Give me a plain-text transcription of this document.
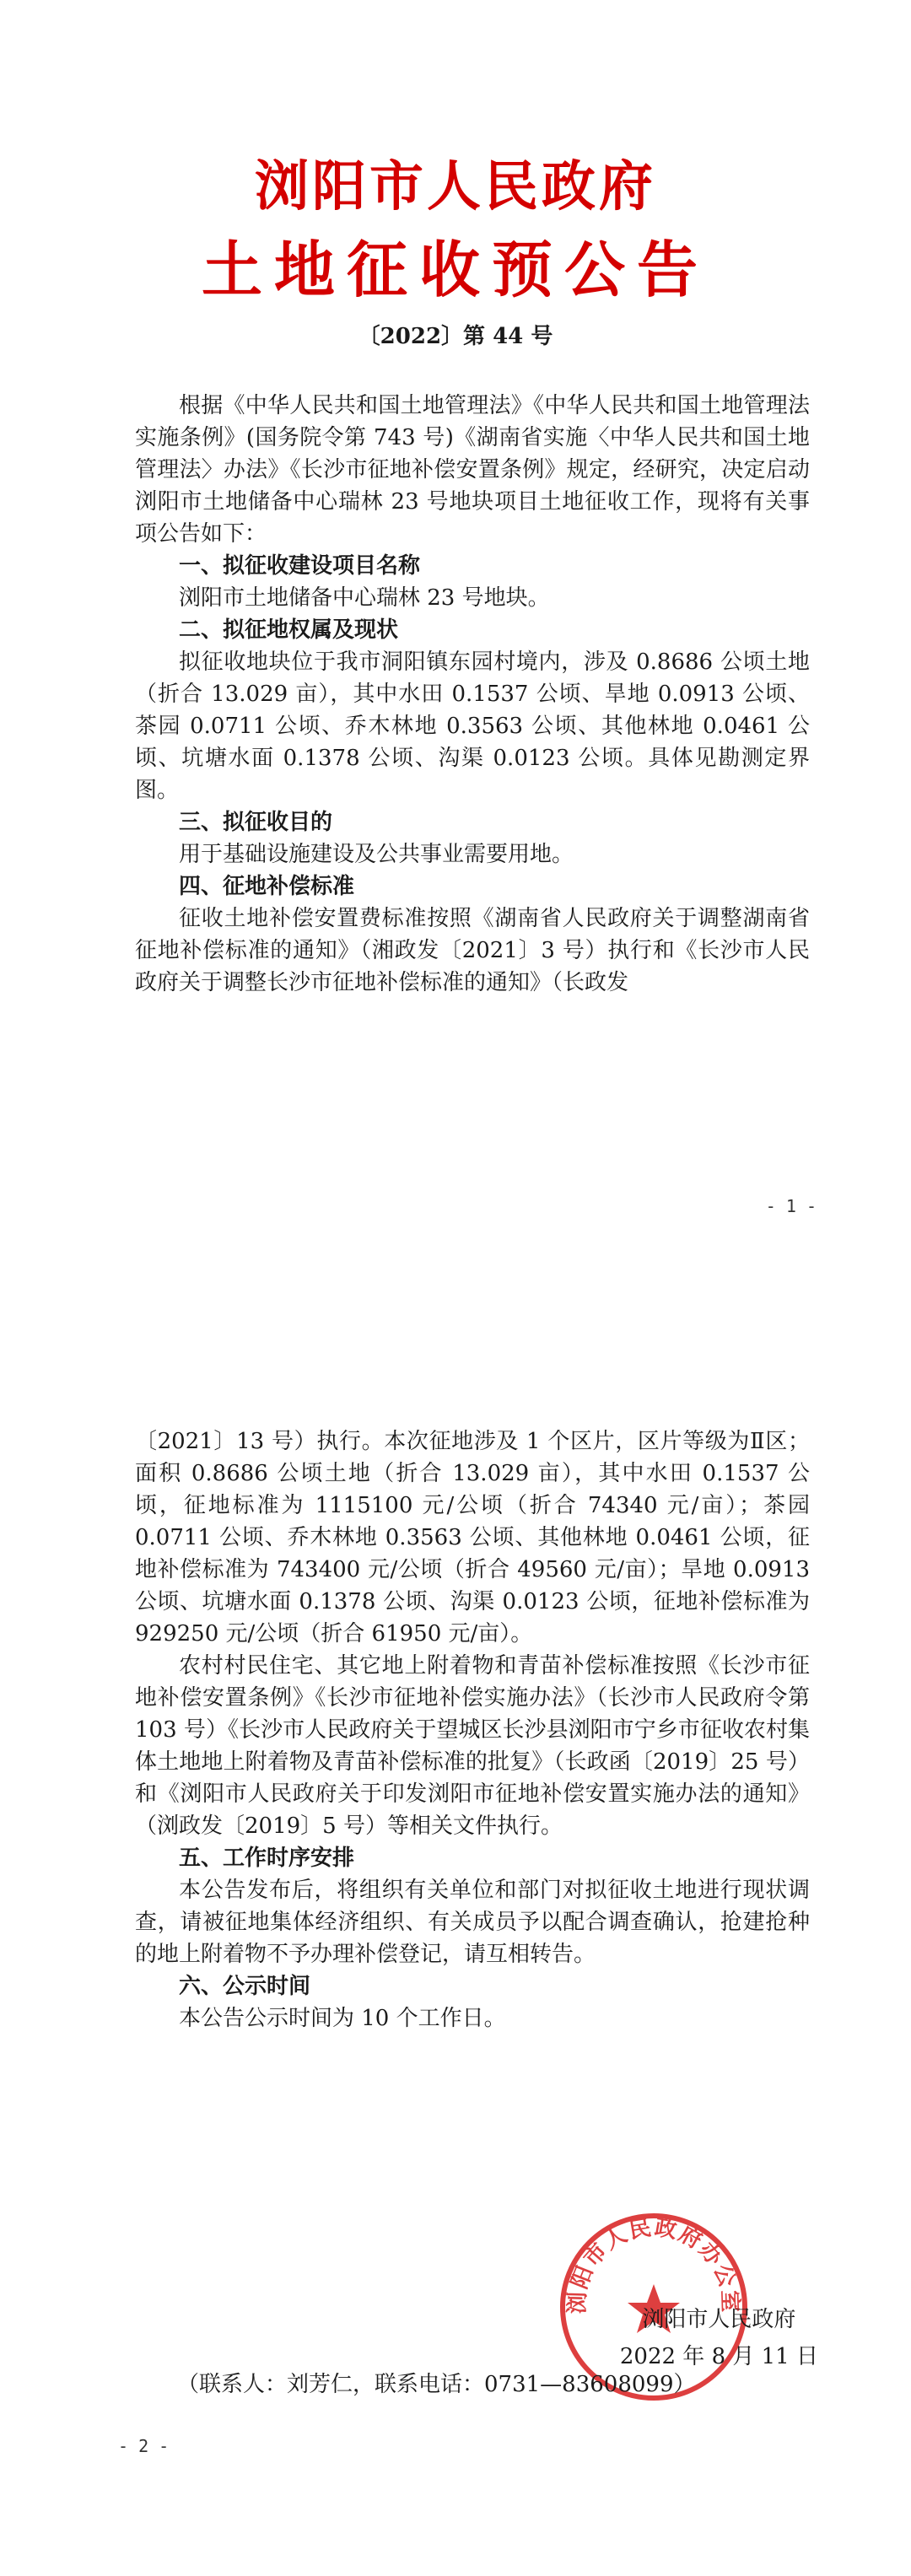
浏阳市人民政府
土地征收预公告
〔2022〕第 44 号

根据《中华人民共和国土地管理法》《中华人民共和国土地管理法实施条例》(国务院令第 743 号)《湖南省实施〈中华人民共和国土地管理法〉办法》《长沙市征地补偿安置条例》规定，经研究，决定启动浏阳市土地储备中心瑞林 23 号地块项目土地征收工作，现将有关事项公告如下：

一、拟征收建设项目名称

浏阳市土地储备中心瑞林 23 号地块。

二、拟征地权属及现状

拟征收地块位于我市洞阳镇东园村境内，涉及 0.8686 公顷土地（折合 13.029 亩），其中水田 0.1537 公顷、旱地 0.0913 公顷、茶园 0.0711 公顷、乔木林地 0.3563 公顷、其他林地 0.0461 公顷、坑塘水面 0.1378 公顷、沟渠 0.0123 公顷。具体见勘测定界图。

三、拟征收目的

用于基础设施建设及公共事业需要用地。

四、征地补偿标准

征收土地补偿安置费标准按照《湖南省人民政府关于调整湖南省征地补偿标准的通知》（湘政发〔2021〕3 号）执行和《长沙市人民政府关于调整长沙市征地补偿标准的通知》（长政发

- 1 -

〔2021〕13 号）执行。本次征地涉及 1 个区片，区片等级为Ⅱ区；面积 0.8686 公顷土地（折合 13.029 亩），其中水田 0.1537 公顷，征地标准为 1115100 元/公顷（折合 74340 元/亩）；茶园 0.0711 公顷、乔木林地 0.3563 公顷、其他林地 0.0461 公顷，征地补偿标准为 743400 元/公顷（折合 49560 元/亩）；旱地 0.0913 公顷、坑塘水面 0.1378 公顷、沟渠 0.0123 公顷，征地补偿标准为 929250 元/公顷（折合 61950 元/亩）。

农村村民住宅、其它地上附着物和青苗补偿标准按照《长沙市征地补偿安置条例》《长沙市征地补偿实施办法》（长沙市人民政府令第 103 号）《长沙市人民政府关于望城区长沙县浏阳市宁乡市征收农村集体土地地上附着物及青苗补偿标准的批复》（长政函〔2019〕25 号）和《浏阳市人民政府关于印发浏阳市征地补偿安置实施办法的通知》（浏政发〔2019〕5 号）等相关文件执行。

五、工作时序安排

本公告发布后，将组织有关单位和部门对拟征收土地进行现状调查，请被征地集体经济组织、有关成员予以配合调查确认，抢建抢种的地上附着物不予办理补偿登记，请互相转告。

六、公示时间

本公告公示时间为 10 个工作日。

浏阳市人民政府办公室
浏阳市人民政府
2022 年 8 月 11 日
（联系人：刘芳仁，联系电话：0731—83608099）
- 2 -
